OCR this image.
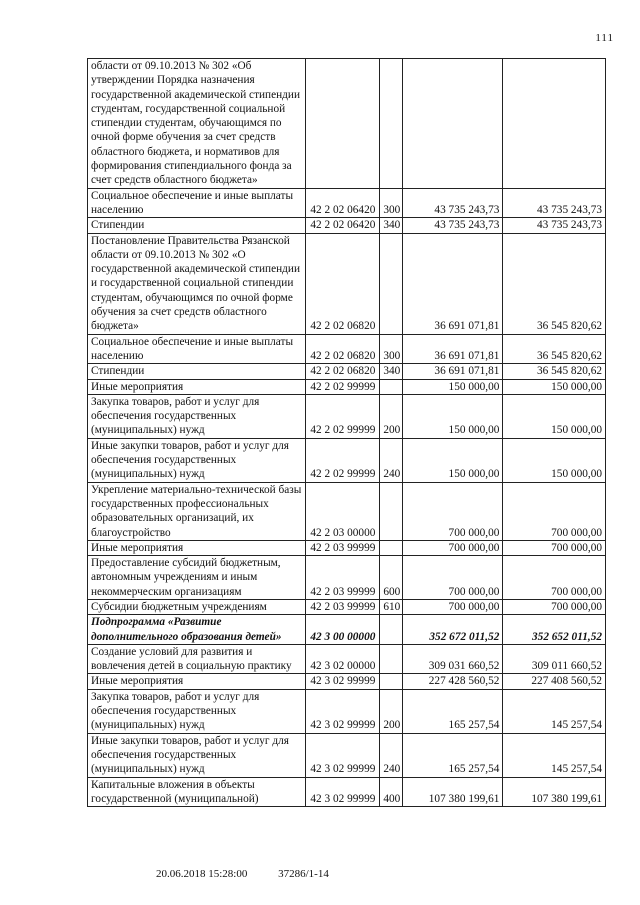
111
области от 09.10.2013 № 302 «Об утверждении Порядка назначения государственной академической стипендии студентам, государственной социальной стипендии студентам, обучающимся по очной форме обучения за счет средств областного бюджета, и нормативов для формирования стипендиального фонда за счет средств областного бюджета»				
Социальное обеспечение и иные выплаты населению	42 2 02 06420	300	43 735 243,73	43 735 243,73
Стипендии	42 2 02 06420	340	43 735 243,73	43 735 243,73
Постановление Правительства Рязанской области от 09.10.2013 № 302 «О государственной академической стипендии и государственной социальной стипендии студентам, обучающимся по очной форме обучения за счет средств областного бюджета»	42 2 02 06820		36 691 071,81	36 545 820,62
Социальное обеспечение и иные выплаты населению	42 2 02 06820	300	36 691 071,81	36 545 820,62
Стипендии	42 2 02 06820	340	36 691 071,81	36 545 820,62
Иные мероприятия	42 2 02 99999		150 000,00	150 000,00
Закупка товаров, работ и услуг для обеспечения государственных (муниципальных) нужд	42 2 02 99999	200	150 000,00	150 000,00
Иные закупки товаров, работ и услуг для обеспечения государственных (муниципальных) нужд	42 2 02 99999	240	150 000,00	150 000,00
Укрепление материально-технической базы государственных профессиональных образовательных организаций, их благоустройство	42 2 03 00000		700 000,00	700 000,00
Иные мероприятия	42 2 03 99999		700 000,00	700 000,00
Предоставление субсидий бюджетным, автономным учреждениям и иным некоммерческим организациям	42 2 03 99999	600	700 000,00	700 000,00
Субсидии бюджетным учреждениям	42 2 03 99999	610	700 000,00	700 000,00
Подпрограмма «Развитие дополнительного образования детей»	42 3 00 00000		352 672 011,52	352 652 011,52
Создание условий для развития и вовлечения детей в социальную практику	42 3 02 00000		309 031 660,52	309 011 660,52
Иные мероприятия	42 3 02 99999		227 428 560,52	227 408 560,52
Закупка товаров, работ и услуг для обеспечения государственных (муниципальных) нужд	42 3 02 99999	200	165 257,54	145 257,54
Иные закупки товаров, работ и услуг для обеспечения государственных (муниципальных) нужд	42 3 02 99999	240	165 257,54	145 257,54
Капитальные вложения в объекты государственной (муниципальной)	42 3 02 99999	400	107 380 199,61	107 380 199,61
20.06.2018 15:28:00	37286/1-14
